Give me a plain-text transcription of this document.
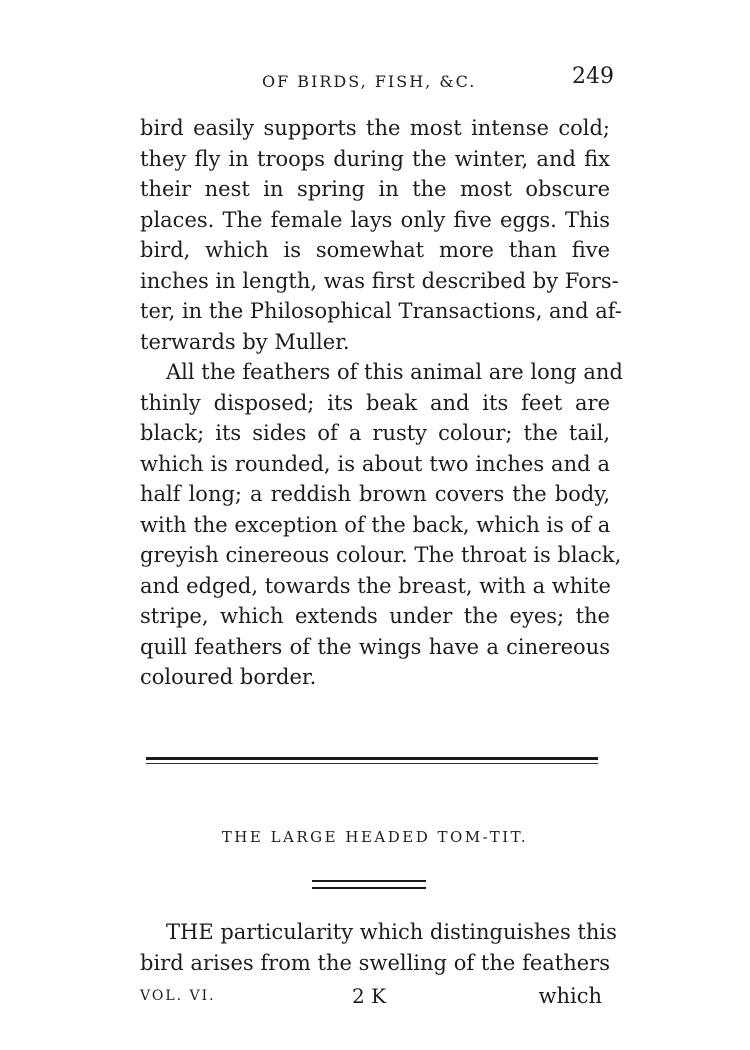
OF BIRDS, FISH, &C.	249
bird easily supports the most intense cold;
they fly in troops during the winter, and fix
their nest in spring in the most obscure
places. The female lays only five eggs. This
bird, which is somewhat more than five
inches in length, was first described by Fors-
ter, in the Philosophical Transactions, and af-
terwards by Muller.
All the feathers of this animal are long and
thinly disposed; its beak and its feet are
black; its sides of a rusty colour; the tail,
which is rounded, is about two inches and a
half long; a reddish brown covers the body,
with the exception of the back, which is of a
greyish cinereous colour. The throat is black,
and edged, towards the breast, with a white
stripe, which extends under the eyes; the
quill feathers of the wings have a cinereous
coloured border.
THE LARGE HEADED TOM-TIT.
THE particularity which distinguishes this
bird arises from the swelling of the feathers
VOL. VI.	2 K	which
